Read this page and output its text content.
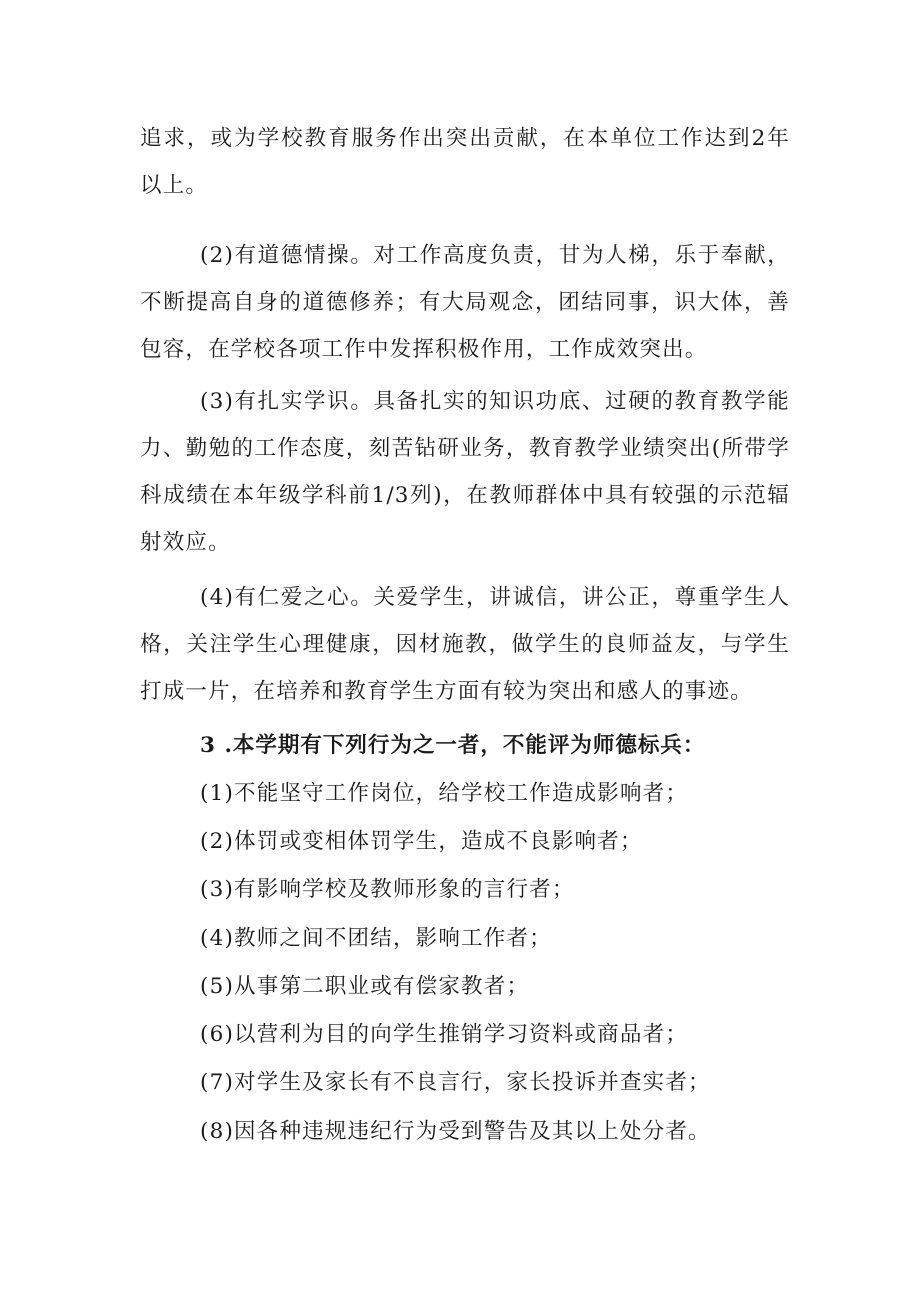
追求，或为学校教育服务作出突出贡献，在本单位工作达到2年以上。

(2)有道德情操。对工作高度负责，甘为人梯，乐于奉献，不断提高自身的道德修养；有大局观念，团结同事，识大体，善包容，在学校各项工作中发挥积极作用，工作成效突出。

(3)有扎实学识。具备扎实的知识功底、过硬的教育教学能力、勤勉的工作态度，刻苦钻研业务，教育教学业绩突出(所带学科成绩在本年级学科前1/3列)，在教师群体中具有较强的示范辐射效应。

(4)有仁爱之心。关爱学生，讲诚信，讲公正，尊重学生人格，关注学生心理健康，因材施教，做学生的良师益友，与学生打成一片，在培养和教育学生方面有较为突出和感人的事迹。

3 .本学期有下列行为之一者，不能评为师德标兵：

(1)不能坚守工作岗位，给学校工作造成影响者；

(2)体罚或变相体罚学生，造成不良影响者；

(3)有影响学校及教师形象的言行者；

(4)教师之间不团结，影响工作者；

(5)从事第二职业或有偿家教者；

(6)以营利为目的向学生推销学习资料或商品者；

(7)对学生及家长有不良言行，家长投诉并查实者；

(8)因各种违规违纪行为受到警告及其以上处分者。
